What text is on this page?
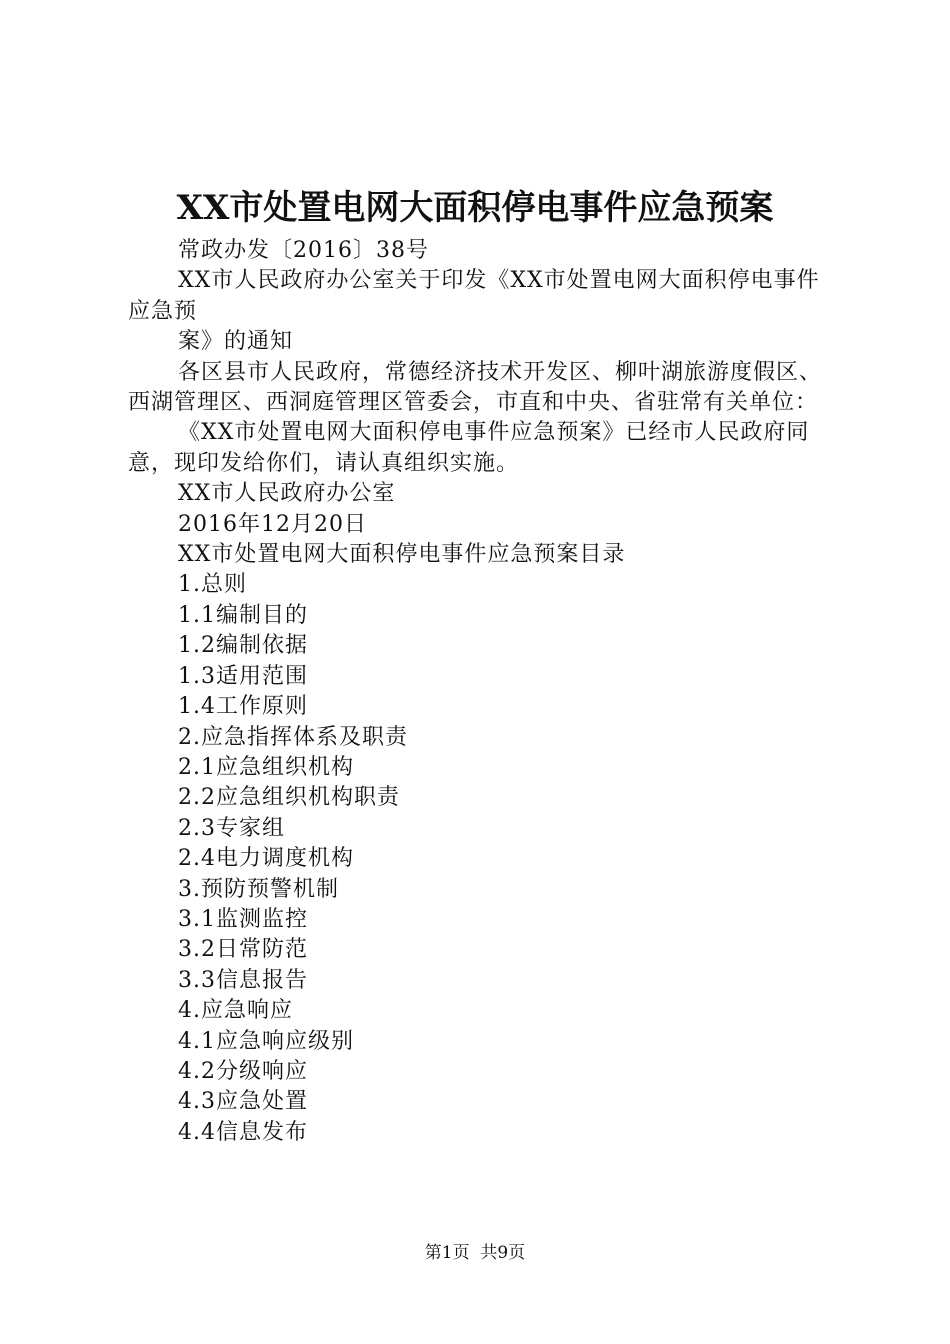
XX市处置电网大面积停电事件应急预案

常政办发〔2016〕38号

XX市人民政府办公室关于印发《XX市处置电网大面积停电事件应急预

案》的通知

各区县市人民政府，常德经济技术开发区、柳叶湖旅游度假区、西湖管理区、西洞庭管理区管委会，市直和中央、省驻常有关单位：

《XX市处置电网大面积停电事件应急预案》已经市人民政府同意，现印发给你们，请认真组织实施。

XX市人民政府办公室

2016年12月20日

XX市处置电网大面积停电事件应急预案目录

1.总则

1.1编制目的

1.2编制依据

1.3适用范围

1.4工作原则

2.应急指挥体系及职责

2.1应急组织机构

2.2应急组织机构职责

2.3专家组

2.4电力调度机构

3.预防预警机制

3.1监测监控

3.2日常防范

3.3信息报告

4.应急响应

4.1应急响应级别

4.2分级响应

4.3应急处置

4.4信息发布

第1页  共9页
